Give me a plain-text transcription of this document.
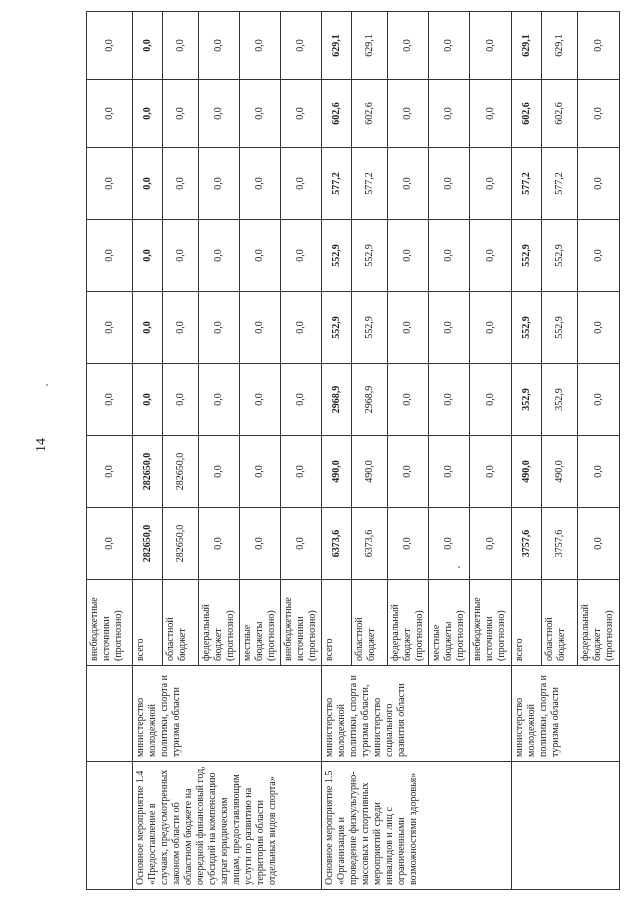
14
		внебюджетные источники (прогнозно)	0,0	0,0	0,0	0,0	0,0	0,0	0,0	0,0
Основное мероприятие 1.4 «Предоставление в случаях, предусмотренных законом области об областном бюджете на очередной финансовый год, субсидий на компенсацию затрат юридическим лицам, предоставляющим услуги по развитию на территории области отдельных видов спорта»	министерство молодежной политики, спорта и туризма области	всего	282650,0	282650,0	0,0	0,0	0,0	0,0	0,0	0,0
		областной бюджет	282650,0	282650,0	0,0	0,0	0,0	0,0	0,0	0,0
		федеральный бюджет (прогнозно)	0,0	0,0	0,0	0,0	0,0	0,0	0,0	0,0
		местные бюджеты (прогнозно)	0,0	0,0	0,0	0,0	0,0	0,0	0,0	0,0
		внебюджетные источники (прогнозно)	0,0	0,0	0,0	0,0	0,0	0,0	0,0	0,0
Основное мероприятие 1.5 «Организация и проведение физкультурно-массовых и спортивных мероприятий среди инвалидов и лиц с ограниченными возможностями здоровья»	министерство молодежной политики, спорта и туризма области, министерство социального развития области	всего	6373,6	490,0	2968,9	552,9	552,9	577,2	602,6	629,1
		областной бюджет	6373,6	490,0	2968,9	552,9	552,9	577,2	602,6	629,1
		федеральный бюджет (прогнозно)	0,0	0,0	0,0	0,0	0,0	0,0	0,0	0,0
		местные бюджеты (прогнозно)	0,0	0,0	0,0	0,0	0,0	0,0	0,0	0,0
		внебюджетные источники (прогнозно)	0,0	0,0	0,0	0,0	0,0	0,0	0,0	0,0
	министерство молодежной политики, спорта и туризма области	всего	3757,6	490,0	352,9	552,9	552,9	577,2	602,6	629,1
		областной бюджет	3757,6	490,0	352,9	552,9	552,9	577,2	602,6	629,1
		федеральный бюджет (прогнозно)	0,0	0,0	0,0	0,0	0,0	0,0	0,0	0,0
